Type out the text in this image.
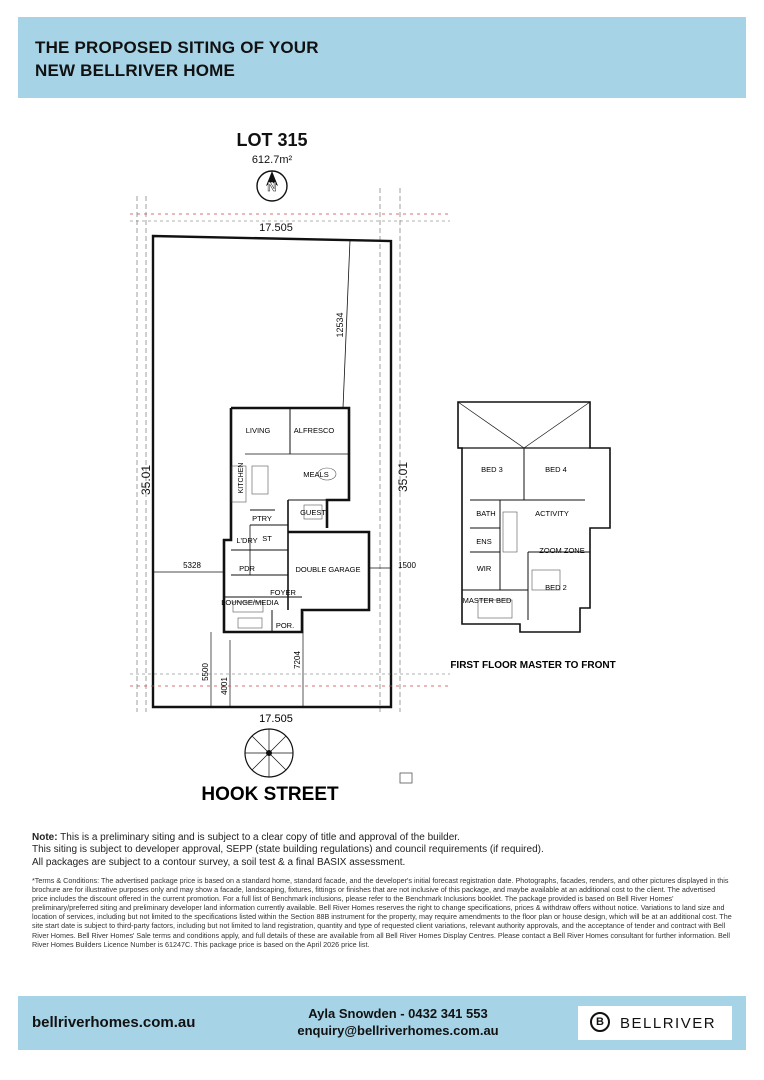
THE PROPOSED SITING OF YOUR
NEW BELLRIVER HOME
LOT 315
612.7m²
N
17.505
35.01	35.01
12534
LIVING	ALFRESCO
MEALS
KITCHEN
GUEST
PTRY
L'DRY ST
PDR	DOUBLE GARAGE
FOYER
LOUNGE/MEDIA
POR.
5328	1500
5500
4001
7204
17.505
HOOK STREET
BED 3	BED 4
BATH	ACTIVITY
ENS
ZOOM ZONE
WIR
BED 2
MASTER BED
FIRST FLOOR MASTER TO FRONT
Note: This is a preliminary siting and is subject to a clear copy of title and approval of the builder.
This siting is subject to developer approval, SEPP (state building regulations) and council requirements (if required).
All packages are subject to a contour survey, a soil test & a final BASIX assessment.
*Terms & Conditions: The advertised package price is based on a standard home, standard facade, and the developer's initial forecast registration date. Photographs, facades, renders, and other pictures displayed in this brochure are for illustrative purposes only and may show a facade, landscaping, fixtures, fittings or finishes that are not inclusive of this package, and maybe available at an additional cost to the client. The advertised price includes the discount offered in the current promotion. For a full list of Benchmark inclusions, please refer to the Benchmark Inclusions booklet. The package provided is based on Bell River Homes' preliminary/preferred siting and preliminary developer land information currently available. Bell River Homes reserves the right to change specifications, prices & withdraw offers without notice. Variations to land size and location of services, including but not limited to the specifications listed within the Section 88B instrument for the property, may require amendments to the floor plan or house design, which will be at an additional cost. The site start date is subject to third-party factors, including but not limited to land registration, quantity and type of requested client variations, relevant authority approvals, and the acceptance of tender and contract with Bell River Homes. Bell River Homes' Sale terms and conditions apply, and full details of these are available from all Bell River Homes Display Centres. Please contact a Bell River Homes consultant for further information. Bell River Homes Builders Licence Number is 61247C. This package price is based on the April 2026 price list.
bellriverhomes.com.au
Ayla Snowden - 0432 341 553
enquiry@bellriverhomes.com.au
B	BELLRIVER
